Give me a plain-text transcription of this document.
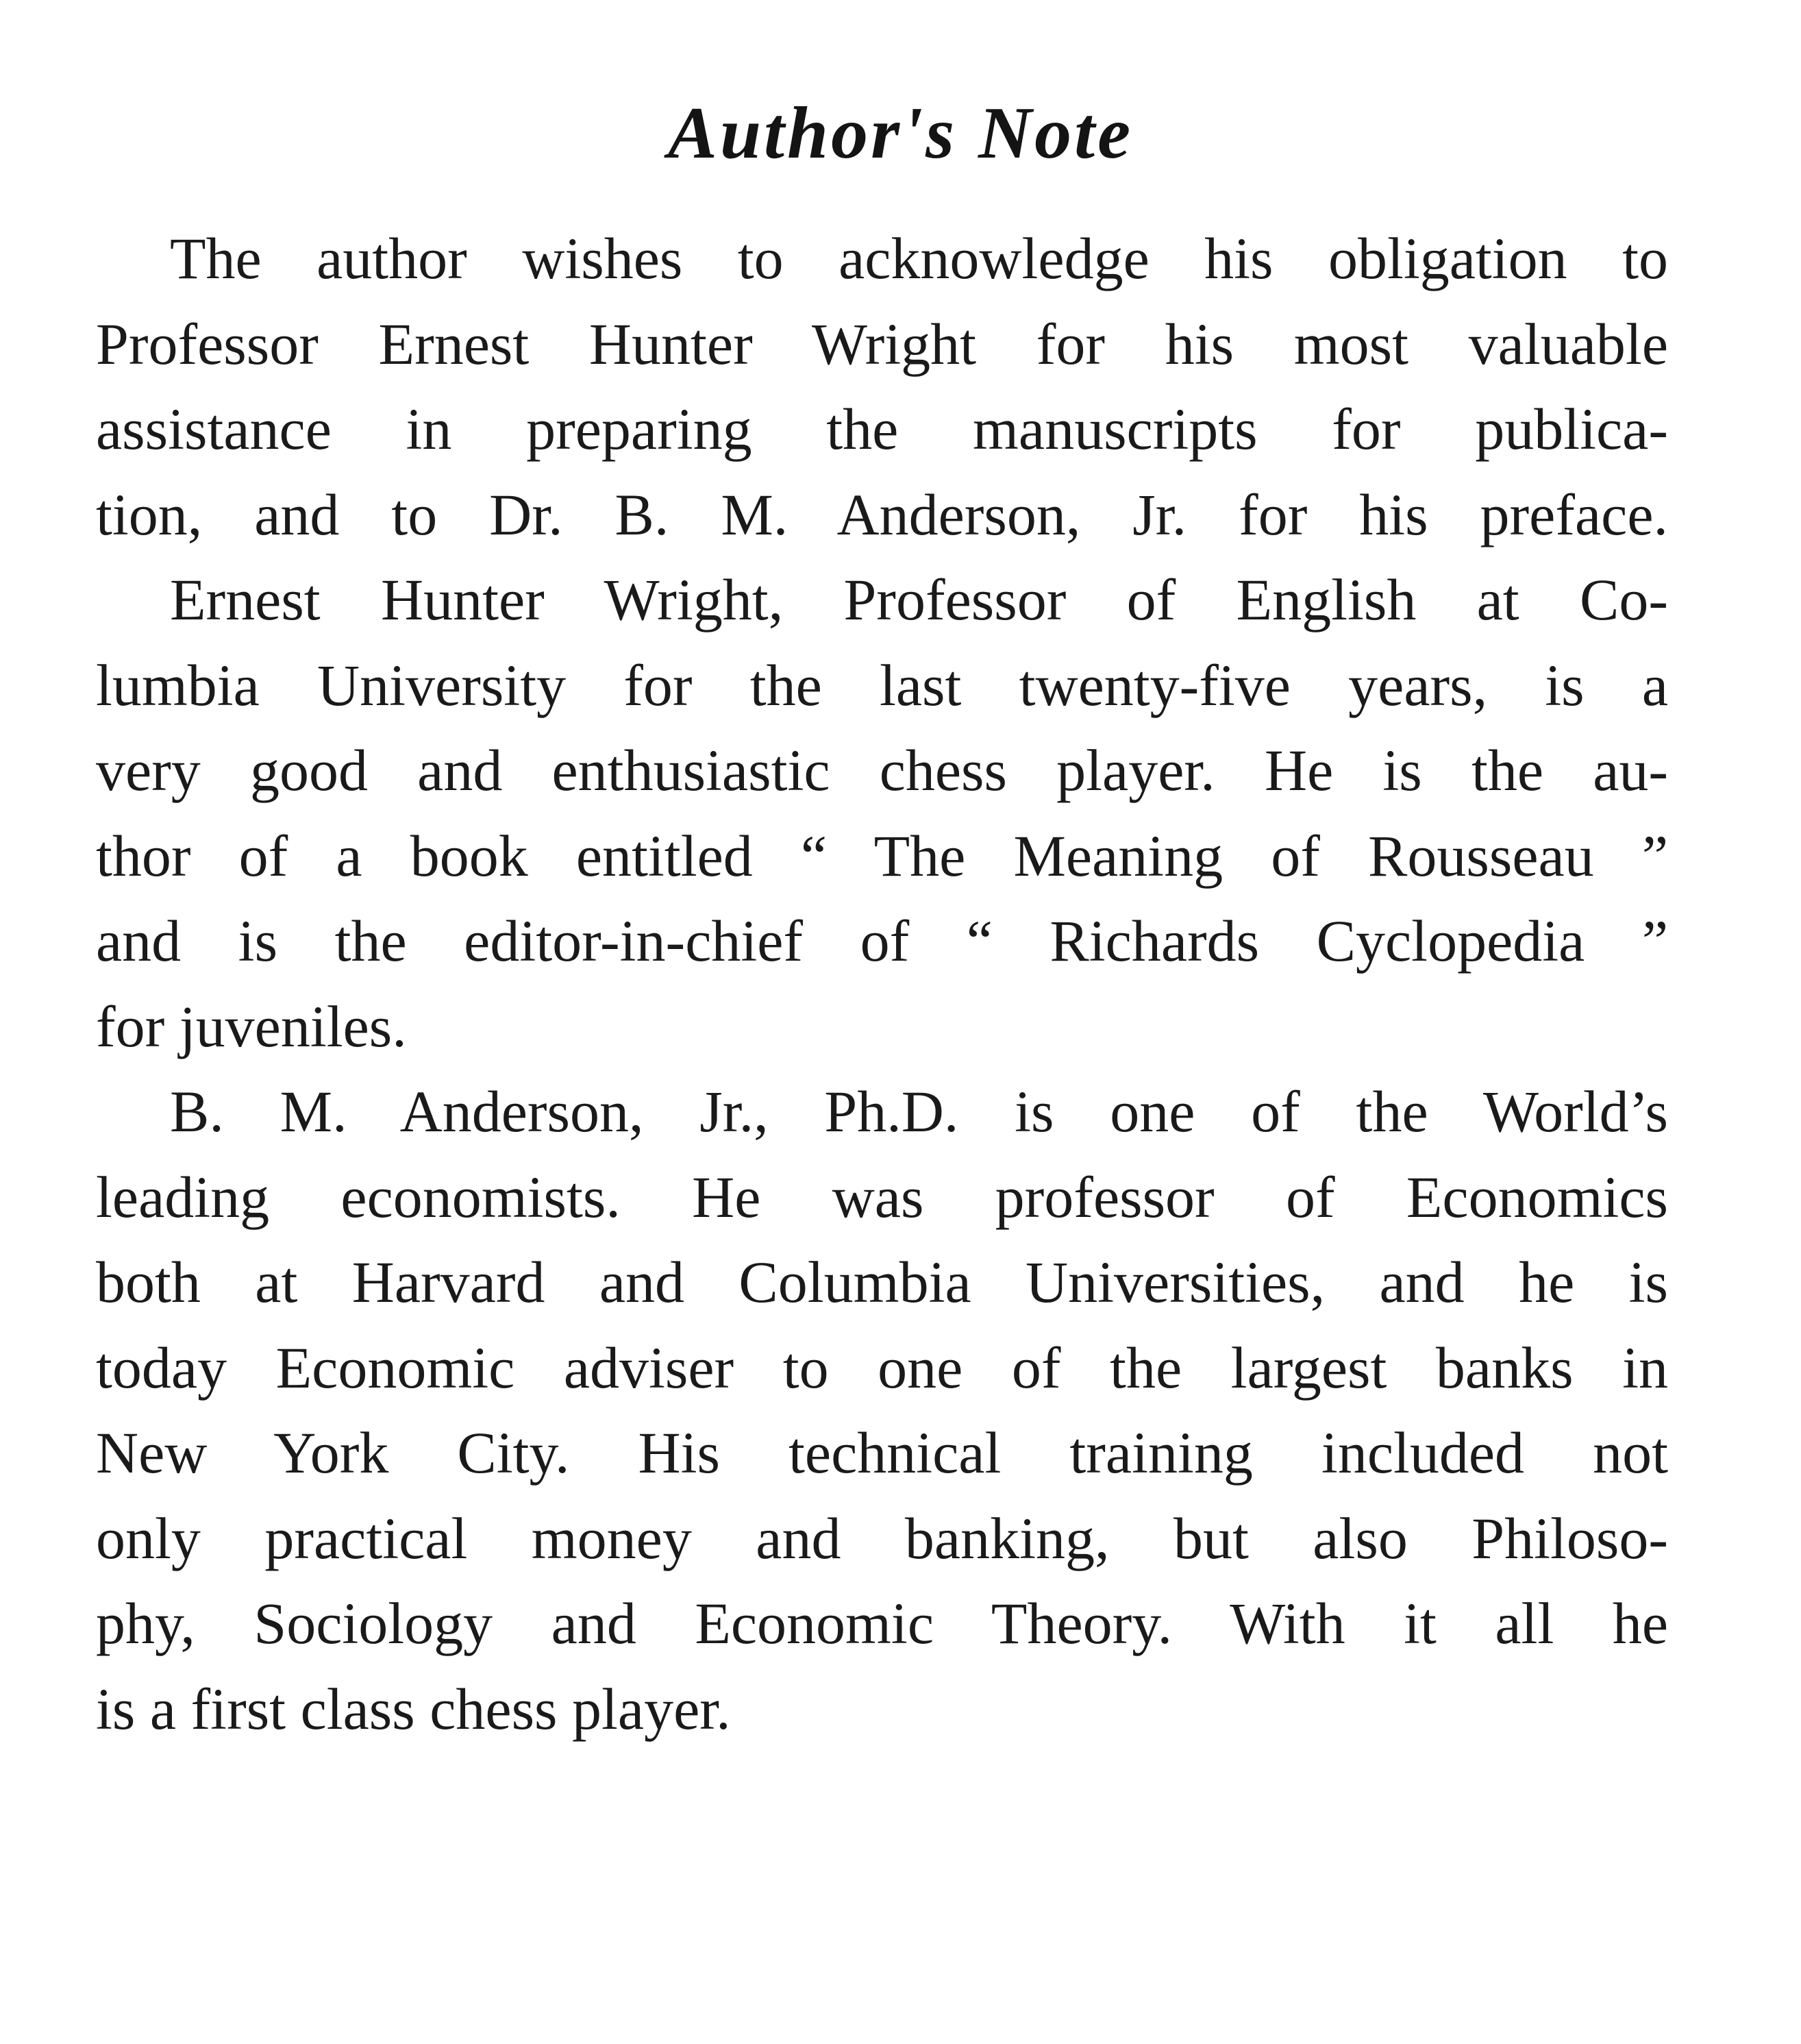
Author's Note
The author wishes to acknowledge his obligation to
Professor Ernest Hunter Wright for his most valuable
assistance in preparing the manuscripts for publica-
tion, and to Dr. B. M. Anderson, Jr. for his preface.
Ernest Hunter Wright, Professor of English at Co-
lumbia University for the last twenty-five years, is a
very good and enthusiastic chess player. He is the au-
thor of a book entitled “ The Meaning of Rousseau ”
and is the editor-in-chief of “ Richards Cyclopedia ”
for juveniles.
B. M. Anderson, Jr., Ph.D. is one of the World’s
leading economists. He was professor of Economics
both at Harvard and Columbia Universities, and he is
today Economic adviser to one of the largest banks in
New York City. His technical training included not
only practical money and banking, but also Philoso-
phy, Sociology and Economic Theory. With it all he
is a first class chess player.
